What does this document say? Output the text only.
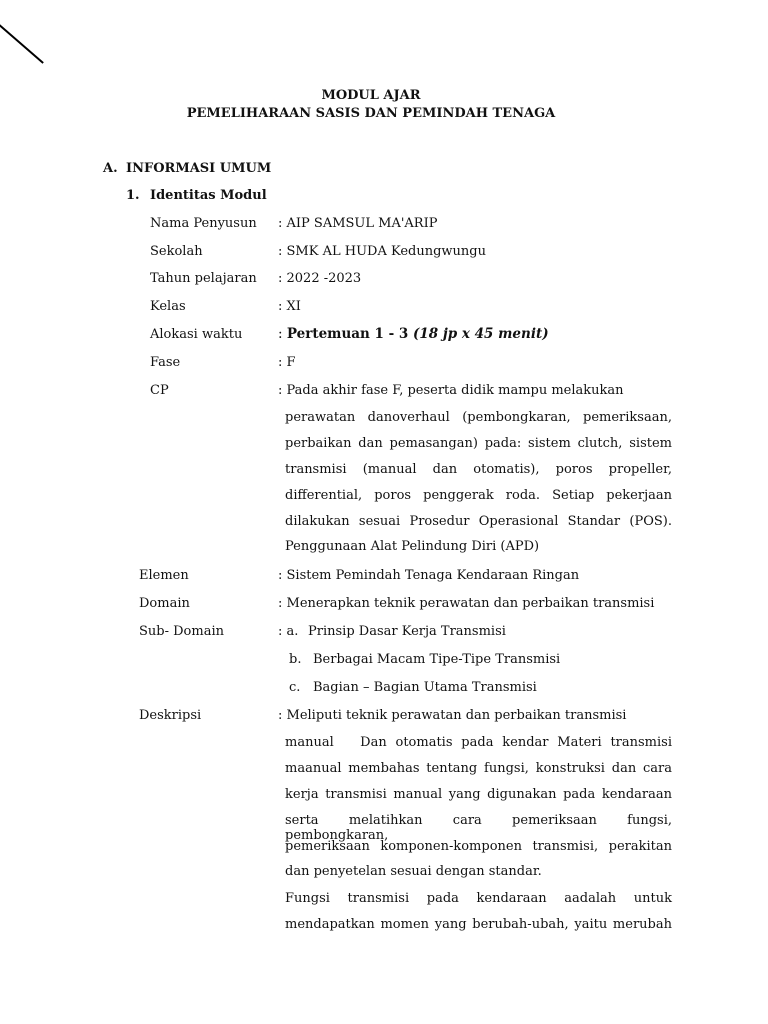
MODUL AJAR
PEMELIHARAAN SASIS DAN PEMINDAH TENAGA
A. INFORMASI UMUM
1. Identitas Modul
Nama Penyusun : AIP SAMSUL MA'ARIP
Sekolah	: SMK AL HUDA Kedungwungu
Tahun pelajaran : 2022 -2023
Kelas	: XI
Alokasi waktu	: Pertemuan 1 - 3 (18 jp x 45 menit)
Fase	: F
CP	: Pada akhir fase F, peserta didik mampu melakukan
perawatan danoverhaul (pembongkaran, pemeriksaan,
perbaikan dan pemasangan) pada: sistem clutch, sistem
transmisi (manual dan otomatis), poros propeller,
differential, poros penggerak roda. Setiap pekerjaan
dilakukan sesuai Prosedur Operasional Standar (POS).
Penggunaan Alat Pelindung Diri (APD)
Elemen	: Sistem Pemindah Tenaga Kendaraan Ringan
Domain	: Menerapkan teknik perawatan dan perbaikan transmisi
Sub- Domain	: a. Prinsip Dasar Kerja Transmisi
b. Berbagai Macam Tipe-Tipe Transmisi
c. Bagian – Bagian Utama Transmisi
Deskripsi	: Meliputi teknik perawatan dan perbaikan transmisi
manual   Dan otomatis pada kendar Materi transmisi
maanual membahas tentang fungsi, konstruksi dan cara
kerja transmisi manual yang digunakan pada kendaraan
serta melatihkan cara pemeriksaan fungsi, pembongkaran,
pemeriksaan komponen-komponen transmisi, perakitan
dan penyetelan sesuai dengan standar.
Fungsi transmisi pada kendaraan aadalah untuk
mendapatkan momen yang berubah-ubah, yaitu merubah
